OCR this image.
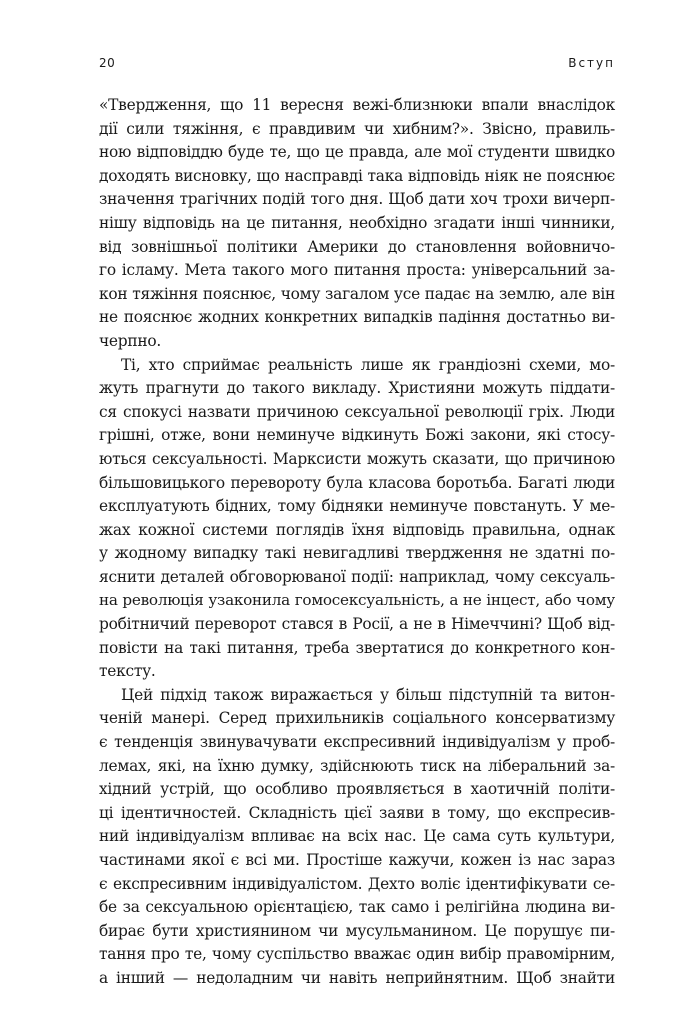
20	Вступ
«Твердження, що 11 вересня вежі-близнюки впали внаслідок
дії сили тяжіння, є правдивим чи хибним?». Звісно, правиль-
ною відповіддю буде те, що це правда, але мої студенти швидко
доходять висновку, що насправді така відповідь ніяк не пояснює
значення трагічних подій того дня. Щоб дати хоч трохи вичерп-
нішу відповідь на це питання, необхідно згадати інші чинники,
від зовнішньої політики Америки до становлення войовничо-
го ісламу. Мета такого мого питання проста: універсальний за-
кон тяжіння пояснює, чому загалом усе падає на землю, але він
не пояснює жодних конкретних випадків падіння достатньо ви-
черпно.
Ті, хто сприймає реальність лише як грандіозні схеми, мо-
жуть прагнути до такого викладу. Християни можуть піддати-
ся спокусі назвати причиною сексуальної революції гріх. Люди
грішні, отже, вони неминуче відкинуть Божі закони, які стосу-
ються сексуальності. Марксисти можуть сказати, що причиною
більшовицького перевороту була класова боротьба. Багаті люди
експлуатують бідних, тому бідняки неминуче повстануть. У ме-
жах кожної системи поглядів їхня відповідь правильна, однак
у жодному випадку такі невигадливі твердження не здатні по-
яснити деталей обговорюваної події: наприклад, чому сексуаль-
на революція узаконила гомосексуальність, а не інцест, або чому
робітничий переворот стався в Росії, а не в Німеччині? Щоб від-
повісти на такі питання, треба звертатися до конкретного кон-
тексту.
Цей підхід також виражається у більш підступній та витон-
ченій манері. Серед прихильників соціального консерватизму
є тенденція звинувачувати експресивний індивідуалізм у проб-
лемах, які, на їхню думку, здійснюють тиск на ліберальний за-
хідний устрій, що особливо проявляється в хаотичній політи-
ці ідентичностей. Складність цієї заяви в тому, що експресив-
ний індивідуалізм впливає на всіх нас. Це сама суть культури,
частинами якої є всі ми. Простіше кажучи, кожен із нас зараз
є експресивним індивідуалістом. Дехто воліє ідентифікувати се-
бе за сексуальною орієнтацією, так само і релігійна людина ви-
бирає бути християнином чи мусульманином. Це порушує пи-
тання про те, чому суспільство вважає один вибір правомірним,
а інший — недоладним чи навіть неприйнятним. Щоб знайти
